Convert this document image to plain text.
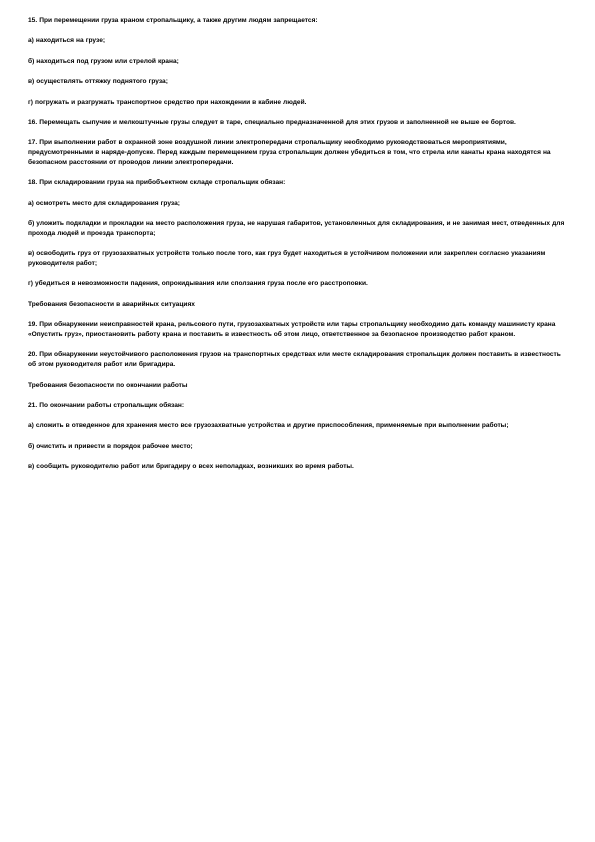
15. При перемещении груза краном стропальщику, а также другим людям запрещается:

а) находиться на грузе;

б) находиться под грузом или стрелой крана;

в) осуществлять оттяжку поднятого груза;

г) погружать и разгружать транспортное средство при нахождении в кабине людей.

16. Перемещать сыпучие и мелкоштучные грузы следует в таре, специально предназначенной для этих грузов и заполненной не выше ее бортов.

17. При выполнении работ в охранной зоне воздушной линии электропередачи стропальщику необходимо руководствоваться мероприятиями, предусмотренными в наряде-допуске. Перед каждым перемещением груза стропальщик должен убедиться в том, что стрела или канаты крана находятся на безопасном расстоянии от проводов линии электропередачи.

18. При складировании груза на прибобъектном складе стропальщик обязан:

а) осмотреть место для складирования груза;

б) уложить подкладки и прокладки на место расположения груза, не нарушая габаритов, установленных для складирования, и не занимая мест, отведенных для прохода людей и проезда транспорта;

в) освободить груз от грузозахватных устройств только после того, как груз будет находиться в устойчивом положении или закреплен согласно указаниям руководителя работ;

г) убедиться в невозможности падения, опрокидывания или сползания груза после его расстроповки.

Требования безопасности в аварийных ситуациях

19. При обнаружении неисправностей крана, рельсового пути, грузозахватных устройств или тары стропальщику необходимо дать команду машинисту крана «Опустить груз», приостановить работу крана и поставить в известность об этом лицо, ответственное за безопасное производство работ краном.

20. При обнаружении неустойчивого расположения грузов на транспортных средствах или месте складирования стропальщик должен поставить в известность об этом руководителя работ или бригадира.

Требования безопасности по окончании работы

21. По окончании работы стропальщик обязан:

а) сложить в отведенное для хранения место все грузозахватные устройства и другие приспособления, применяемые при выполнении работы;

б) очистить и привести в порядок рабочее место;

в) сообщить руководителю работ или бригадиру о всех неполадках, возникших во время работы.
